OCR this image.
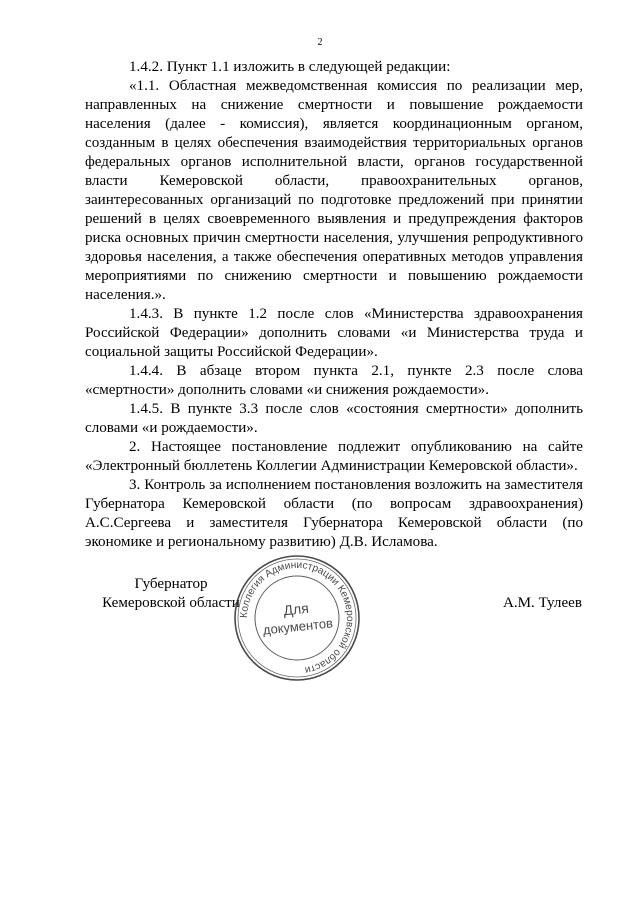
2

1.4.2. Пункт 1.1 изложить в следующей редакции:

«1.1. Областная межведомственная комиссия по реализации мер, направленных на снижение смертности и повышение рождаемости населения (далее - комиссия), является координационным органом, созданным в целях обеспечения взаимодействия территориальных органов федеральных органов исполнительной власти, органов государственной власти Кемеровской области, правоохранительных органов, заинтересованных организаций по подготовке предложений при принятии решений в целях своевременного выявления и предупреждения факторов риска основных причин смертности населения, улучшения репродуктивного здоровья населения, а также обеспечения оперативных методов управления мероприятиями по снижению смертности и повышению рождаемости населения.».

1.4.3. В пункте 1.2 после слов «Министерства здравоохранения Российской Федерации» дополнить словами «и Министерства труда и социальной защиты Российской Федерации».

1.4.4. В абзаце втором пункта 2.1, пункте 2.3 после слова «смертности» дополнить словами «и снижения рождаемости».

1.4.5. В пункте 3.3 после слов «состояния смертности» дополнить словами «и рождаемости».

2. Настоящее постановление подлежит опубликованию на сайте «Электронный бюллетень Коллегии Администрации Кемеровской области».

3. Контроль за исполнением постановления возложить на заместителя Губернатора Кемеровской области (по вопросам здравоохранения) А.С.Сергеева и заместителя Губернатора Кемеровской области (по экономике и региональному развитию) Д.В. Исламова.

Губернатор
Кемеровской области
Коллегия Администрации Кемеровской области
Для
документов
А.М. Тулеев
